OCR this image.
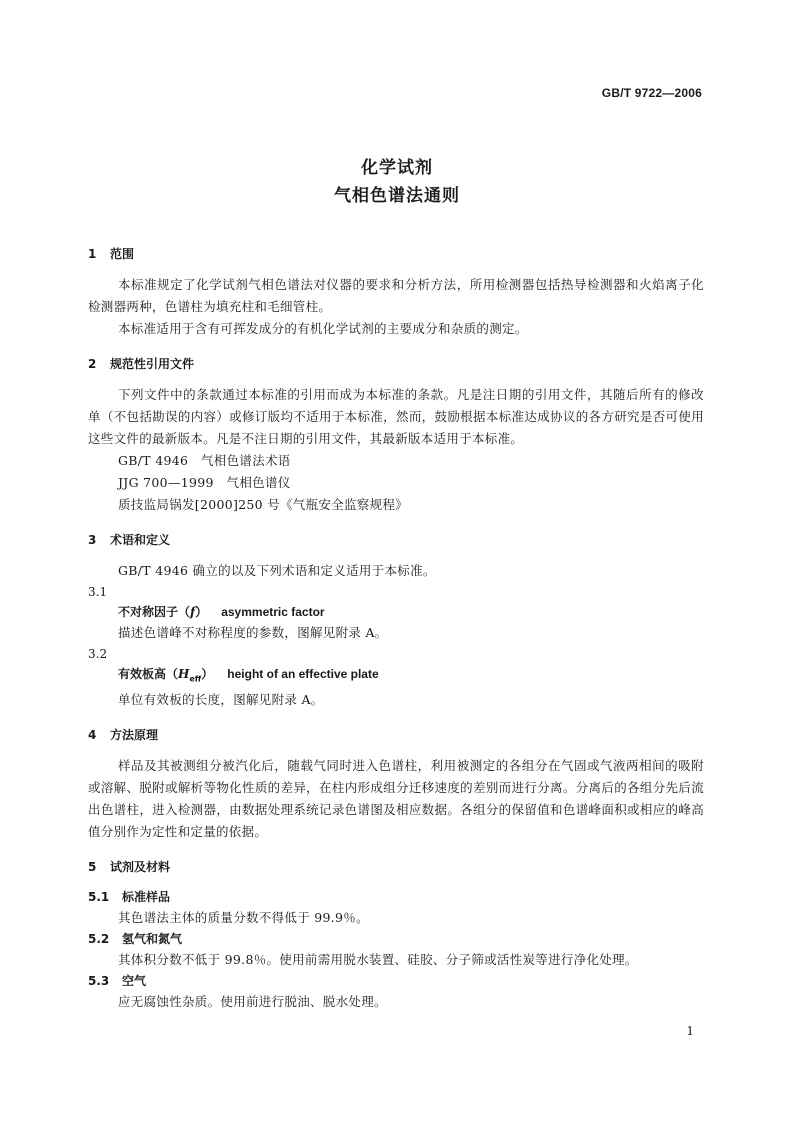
GB/T 9722—2006
化学试剂
气相色谱法通则
1	范围

本标准规定了化学试剂气相色谱法对仪器的要求和分析方法，所用检测器包括热导检测器和火焰离子化检测器两种，色谱柱为填充柱和毛细管柱。

本标准适用于含有可挥发成分的有机化学试剂的主要成分和杂质的测定。

2	规范性引用文件

下列文件中的条款通过本标准的引用而成为本标准的条款。凡是注日期的引用文件，其随后所有的修改单（不包括勘误的内容）或修订版均不适用于本标准，然而，鼓励根据本标准达成协议的各方研究是否可使用这些文件的最新版本。凡是不注日期的引用文件，其最新版本适用于本标准。

GB/T 4946　气相色谱法术语
JJG 700—1999　气相色谱仪
质技监局锅发[2000]250 号《气瓶安全监察规程》
3	术语和定义

GB/T 4946 确立的以及下列术语和定义适用于本标准。

3.1
不对称因子（f） asymmetric factor
描述色谱峰不对称程度的参数，图解见附录 A。
3.2
有效板高$(H_{eff})$ height of an effective plate
单位有效板的长度，图解见附录 A。
4	方法原理

样品及其被测组分被汽化后，随载气同时进入色谱柱，利用被测定的各组分在气固或气液两相间的吸附或溶解、脱附或解析等物化性质的差异，在柱内形成组分迁移速度的差别而进行分离。分离后的各组分先后流出色谱柱，进入检测器，由数据处理系统记录色谱图及相应数据。各组分的保留值和色谱峰面积或相应的峰高值分别作为定性和定量的依据。

5	试剂及材料
5.1	标准样品
其色谱法主体的质量分数不得低于 99.9％。
5.2	氢气和氮气
其体积分数不低于 99.8％。使用前需用脱水装置、硅胶、分子筛或活性炭等进行净化处理。
5.3	空气
应无腐蚀性杂质。使用前进行脱油、脱水处理。
1
